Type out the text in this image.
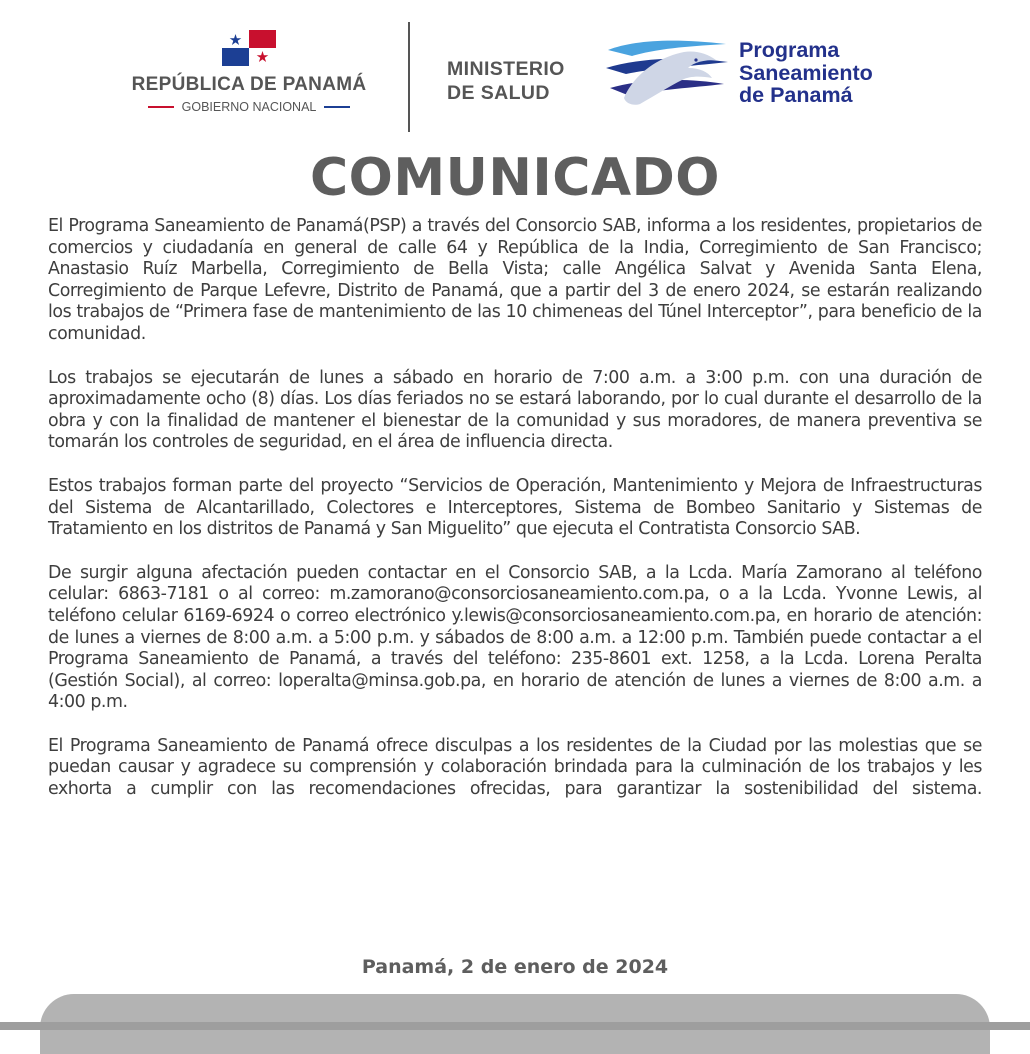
REPÚBLICA DE PANAMÁ
GOBIERNO NACIONAL
MINISTERIO
DE SALUD
Programa
Saneamiento
de Panamá
COMUNICADO

El Programa Saneamiento de Panamá(PSP) a través del Consorcio SAB, informa a los residentes, propietarios de comercios y ciudadanía en general de calle 64 y República de la India, Corregimiento de San Francisco; Anastasio Ruíz Marbella, Corregimiento de Bella Vista; calle Angélica Salvat y Avenida Santa Elena, Corregimiento de Parque Lefevre, Distrito de Panamá, que a partir del 3 de enero 2024, se estarán realizando los trabajos de “Primera fase de mantenimiento de las 10 chimeneas del Túnel Interceptor”, para beneficio de la comunidad.

Los trabajos se ejecutarán de lunes a sábado en horario de 7:00 a.m. a 3:00 p.m. con una duración de aproximadamente ocho (8) días. Los días feriados no se estará laborando, por lo cual durante el desarrollo de la obra y con la finalidad de mantener el bienestar de la comunidad y sus moradores, de manera preventiva se tomarán los controles de seguridad, en el área de influencia directa.

Estos trabajos forman parte del proyecto “Servicios de Operación, Mantenimiento y Mejora de Infraestructuras del Sistema de Alcantarillado, Colectores e Interceptores, Sistema de Bombeo Sanitario y Sistemas de Tratamiento en los distritos de Panamá y San Miguelito” que ejecuta el Contratista Consorcio SAB.

De surgir alguna afectación pueden contactar en el Consorcio SAB, a la Lcda. María Zamorano al teléfono celular: 6863-7181 o al correo: m.zamorano@consorciosaneamiento.com.pa, o a la Lcda. Yvonne Lewis, al teléfono celular 6169-6924 o correo electrónico y.lewis@consorciosaneamiento.com.pa, en horario de atención: de lunes a viernes de 8:00 a.m. a 5:00 p.m. y sábados de 8:00 a.m. a 12:00 p.m. También puede contactar a el Programa Saneamiento de Panamá, a través del teléfono: 235-8601 ext. 1258, a la Lcda. Lorena Peralta (Gestión Social), al correo: loperalta@minsa.gob.pa, en horario de atención de lunes a viernes de 8:00 a.m. a 4:00 p.m.

El Programa Saneamiento de Panamá ofrece disculpas a los residentes de la Ciudad por las molestias que se puedan causar y agradece su comprensión y colaboración brindada para la culminación de los trabajos y les exhorta a cumplir con las recomendaciones ofrecidas, para garantizar la sostenibilidad del sistema.

Panamá, 2 de enero de 2024
